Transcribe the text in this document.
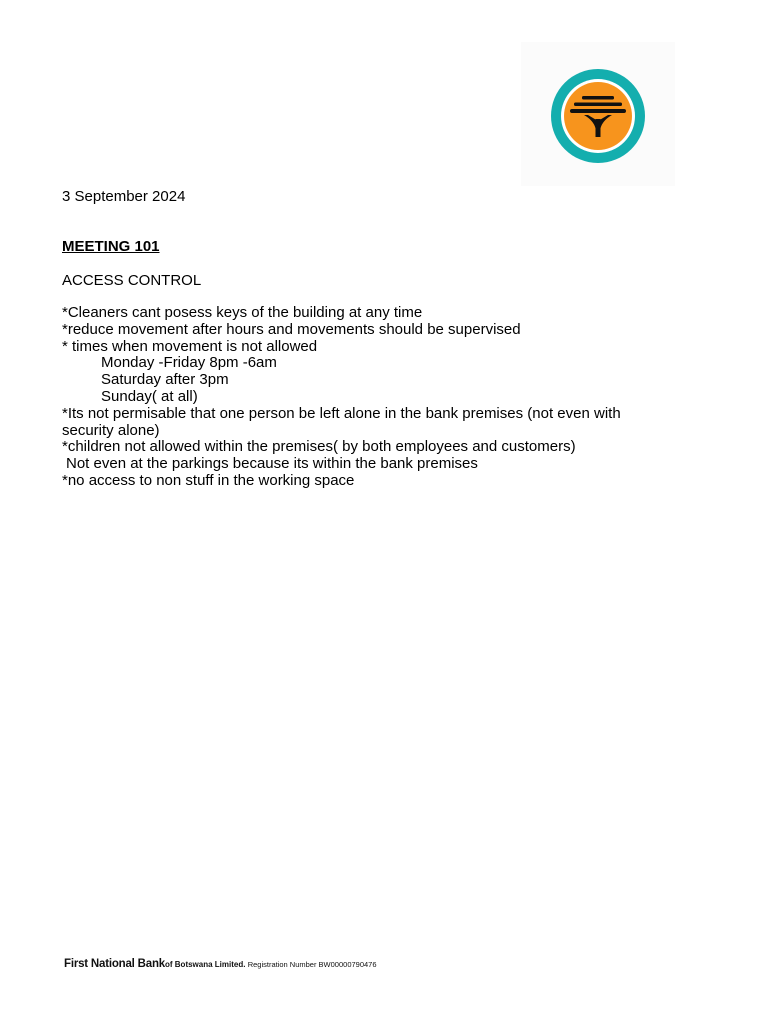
3 September 2024
MEETING 101
ACCESS CONTROL
*Cleaners cant posess keys of the building at any time
*reduce movement after hours and movements should be supervised
* times when movement is not allowed
Monday -Friday 8pm -6am
Saturday after 3pm
Sunday( at all)
*Its not permisable that one person be left alone in the bank premises (not even with
security alone)
*children not allowed within the premises( by both employees and customers)
Not even at the parkings because its within the bank premises
*no access to non stuff in the working space
First National Bankof Botswana Limited. Registration Number BW00000790476
